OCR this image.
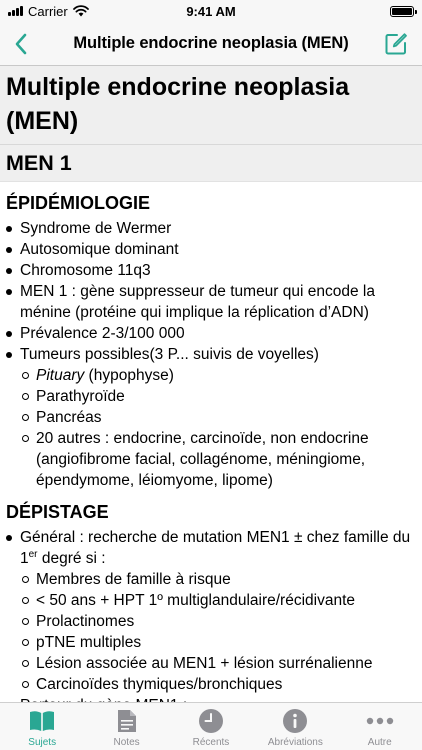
Carrier	9:41 AM
Multiple endocrine neoplasia (MEN)
Multiple endocrine neoplasia
(MEN)
MEN 1
ÉPIDÉMIOLOGIE
Syndrome de Wermer
Autosomique dominant
Chromosome 11q3
MEN 1 : gène suppresseur de tumeur qui encode la ménine (protéine qui implique la réplication d’ADN)
Prévalence 2-3/100 000
Tumeurs possibles(3 P... suivis de voyelles)
Pituary (hypophyse)
Parathyroïde
Pancréas
20 autres : endocrine, carcinoïde, non endocrine (angiofibrome facial, collagénome, méningiome, épendymome, léiomyome, lipome)
DÉPISTAGE
Général : recherche de mutation MEN1 ± chez famille du 1er degré si :
Membres de famille à risque
< 50 ans + HPT 1º multiglandulaire/récidivante
Prolactinomes
pTNE multiples
Lésion associée au MEN1 + lésion surrénalienne
Carcinoïdes thymiques/bronchiques
Sujets	Notes	Récents	Abréviations	Autre
